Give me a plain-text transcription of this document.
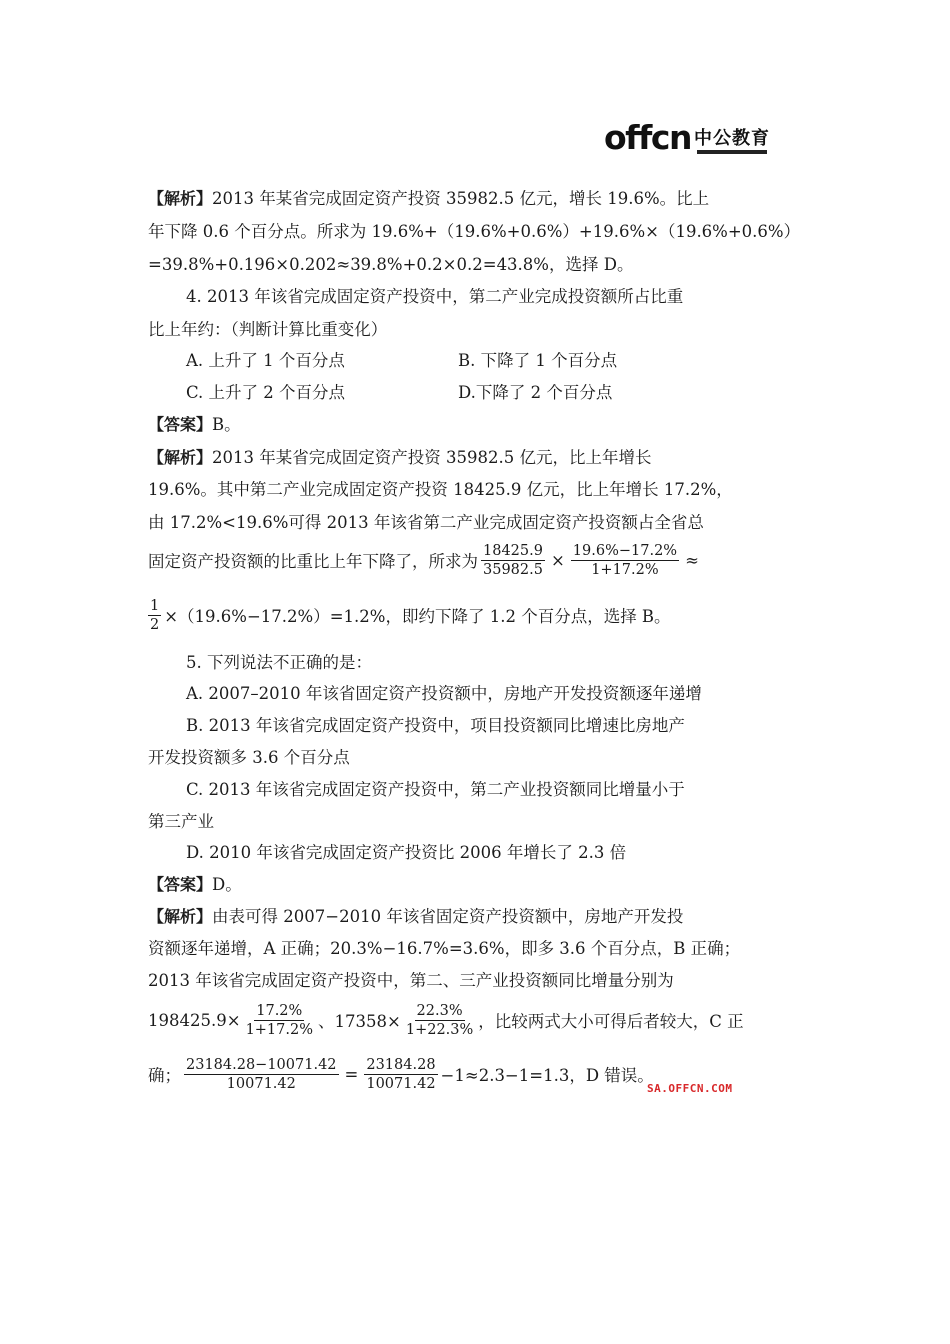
offcn 中公教育
【解析】 2013 年某省完成固定资产投资 35982.5 亿元，增长 19.6%。比上
年下降 0.6 个百分点。所求为 19.6%+（19.6%+0.6%）+19.6%×（19.6%+0.6%）
=39.8%+0.196×0.202≈39.8%+0.2×0.2=43.8%，选择 D。
4. 2013 年该省完成固定资产投资中，第二产业完成投资额所占比重
比上年约：（判断计算比重变化）
A. 上升了 1 个百分点	B. 下降了 1 个百分点
C. 上升了 2 个百分点	D.下降了 2 个百分点
【答案】 B。
【解析】 2013 年某省完成固定资产投资 35982.5 亿元，比上年增长
19.6%。其中第二产业完成固定资产投资 18425.9 亿元，比上年增长 17.2%，
由 17.2%<19.6%可得 2013 年该省第二产业完成固定资产投资额占全省总
固定资产投资额的比重比上年下降了，所求为 $\frac{18425.9}{35982.5} \times \frac{19.6\%-17.2\%}{1+17.2\%}$ ≈
$\frac{1}{2} \times(19.6\%-17.2\%)=1.2\%$，即约下降了 1.2 个百分点，选择 B。
5. 下列说法不正确的是：
A. 2007–2010 年该省固定资产投资额中，房地产开发投资额逐年递增
B. 2013 年该省完成固定资产投资中，项目投资额同比增速比房地产
开发投资额多 3.6 个百分点
C. 2013 年该省完成固定资产投资中，第二产业投资额同比增量小于
第三产业
D. 2010 年该省完成固定资产投资比 2006 年增长了 2.3 倍
【答案】 D。
【解析】 由表可得 2007−2010 年该省固定资产投资额中，房地产开发投
资额逐年递增，A 正确；20.3%−16.7%=3.6%，即多 3.6 个百分点，B 正确；
2013 年该省完成固定资产投资中，第二、三产业投资额同比增量分别为
$198425.9\times \frac{17.2\%}{1+17.2\%}$ 、$17358\times \frac{22.3\%}{1+22.3\%}$ ，比较两式大小可得后者较大，C 正
确； $\frac{23184.28-10071.42}{10071.42} = \frac{23184.28}{10071.42} -1\approx 2.3-1=1.3$，D 错误。
SA.OFFCN.COM
